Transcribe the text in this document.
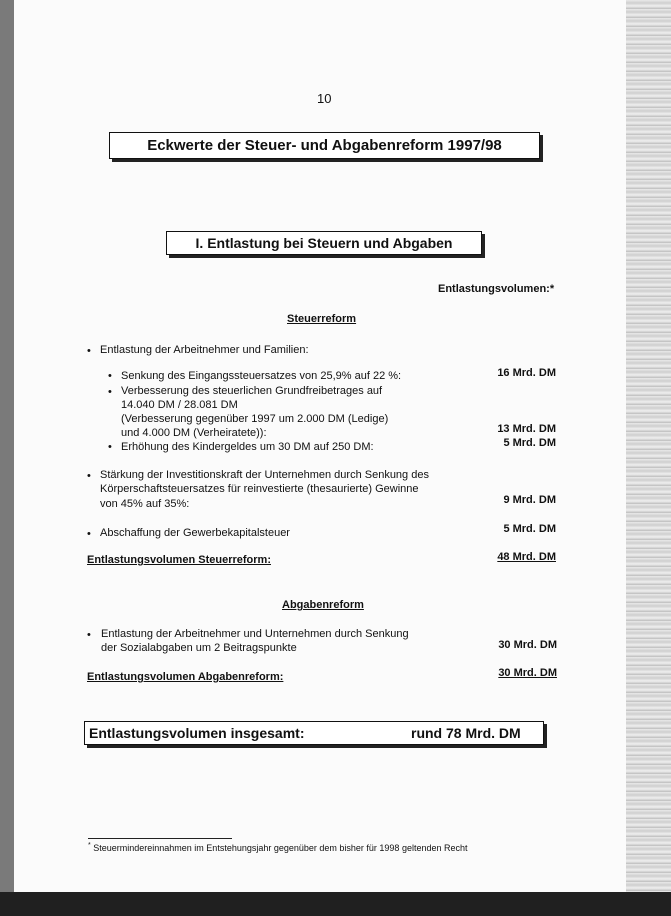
10
Eckwerte der Steuer- und Abgabenreform 1997/98
I. Entlastung bei Steuern und Abgaben
Entlastungsvolumen:*
Steuerreform
• Entlastung der Arbeitnehmer und Familien:
• Senkung des Eingangssteuersatzes von 25,9% auf 22 %:	16 Mrd. DM
• Verbesserung des steuerlichen Grundfreibetrages auf
14.040 DM / 28.081 DM
(Verbesserung gegenüber 1997 um 2.000 DM (Ledige)
und 4.000 DM (Verheiratete)):	13 Mrd. DM
• Erhöhung des Kindergeldes um 30 DM auf 250 DM:	5 Mrd. DM
• Stärkung der Investitionskraft der Unternehmen durch Senkung des
Körperschaftsteuersatzes für reinvestierte (thesaurierte) Gewinne
von 45% auf 35%:	9 Mrd. DM
• Abschaffung der Gewerbekapitalsteuer	5 Mrd. DM
Entlastungsvolumen Steuerreform:	48 Mrd. DM
Abgabenreform
• Entlastung der Arbeitnehmer und Unternehmen durch Senkung
der Sozialabgaben um 2 Beitragspunkte	30 Mrd. DM
Entlastungsvolumen Abgabenreform:	30 Mrd. DM
Entlastungsvolumen insgesamt:	rund 78 Mrd. DM
* Steuermindereinnahmen im Entstehungsjahr gegenüber dem bisher für 1998 geltenden Recht
